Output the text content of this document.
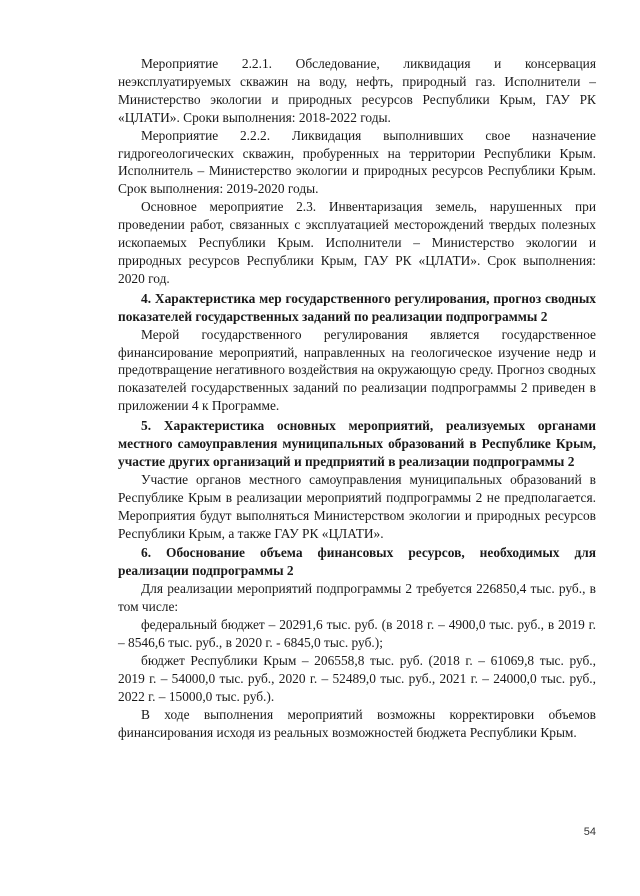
Мероприятие 2.2.1. Обследование, ликвидация и консервация неэксплуатируемых скважин на воду, нефть, природный газ. Исполнители – Министерство экологии и природных ресурсов Республики Крым, ГАУ РК «ЦЛАТИ». Сроки выполнения: 2018-2022 годы.

Мероприятие 2.2.2. Ликвидация выполнивших свое назначение гидрогеологических скважин, пробуренных на территории Республики Крым. Исполнитель – Министерство экологии и природных ресурсов Республики Крым. Срок выполнения: 2019-2020 годы.

Основное мероприятие 2.3. Инвентаризация земель, нарушенных при проведении работ, связанных с эксплуатацией месторождений твердых полезных ископаемых Республики Крым. Исполнители – Министерство экологии и природных ресурсов Республики Крым, ГАУ РК «ЦЛАТИ». Срок выполнения: 2020 год.

4. Характеристика мер государственного регулирования, прогноз сводных показателей государственных заданий по реализации подпрограммы 2

Мерой государственного регулирования является государственное финансирование мероприятий, направленных на геологическое изучение недр и предотвращение негативного воздействия на окружающую среду. Прогноз сводных показателей государственных заданий по реализации подпрограммы 2 приведен в приложении 4 к Программе.

5. Характеристика основных мероприятий, реализуемых органами местного самоуправления муниципальных образований в Республике Крым, участие других организаций и предприятий в реализации подпрограммы 2

Участие органов местного самоуправления муниципальных образований в Республике Крым в реализации мероприятий подпрограммы 2 не предполагается. Мероприятия будут выполняться Министерством экологии и природных ресурсов Республики Крым, а также ГАУ РК «ЦЛАТИ».

6. Обоснование объема финансовых ресурсов, необходимых для реализации подпрограммы 2

Для реализации мероприятий подпрограммы 2 требуется 226850,4 тыс. руб., в том числе:

федеральный бюджет – 20291,6 тыс. руб. (в 2018 г. – 4900,0 тыс. руб., в 2019 г. – 8546,6 тыс. руб., в 2020 г. - 6845,0 тыс. руб.);

бюджет Республики Крым – 206558,8 тыс. руб. (2018 г. – 61069,8 тыс. руб., 2019 г. – 54000,0 тыс. руб., 2020 г. – 52489,0 тыс. руб., 2021 г. – 24000,0 тыс. руб., 2022 г. – 15000,0 тыс. руб.).

В ходе выполнения мероприятий возможны корректировки объемов финансирования исходя из реальных возможностей бюджета Республики Крым.

54
